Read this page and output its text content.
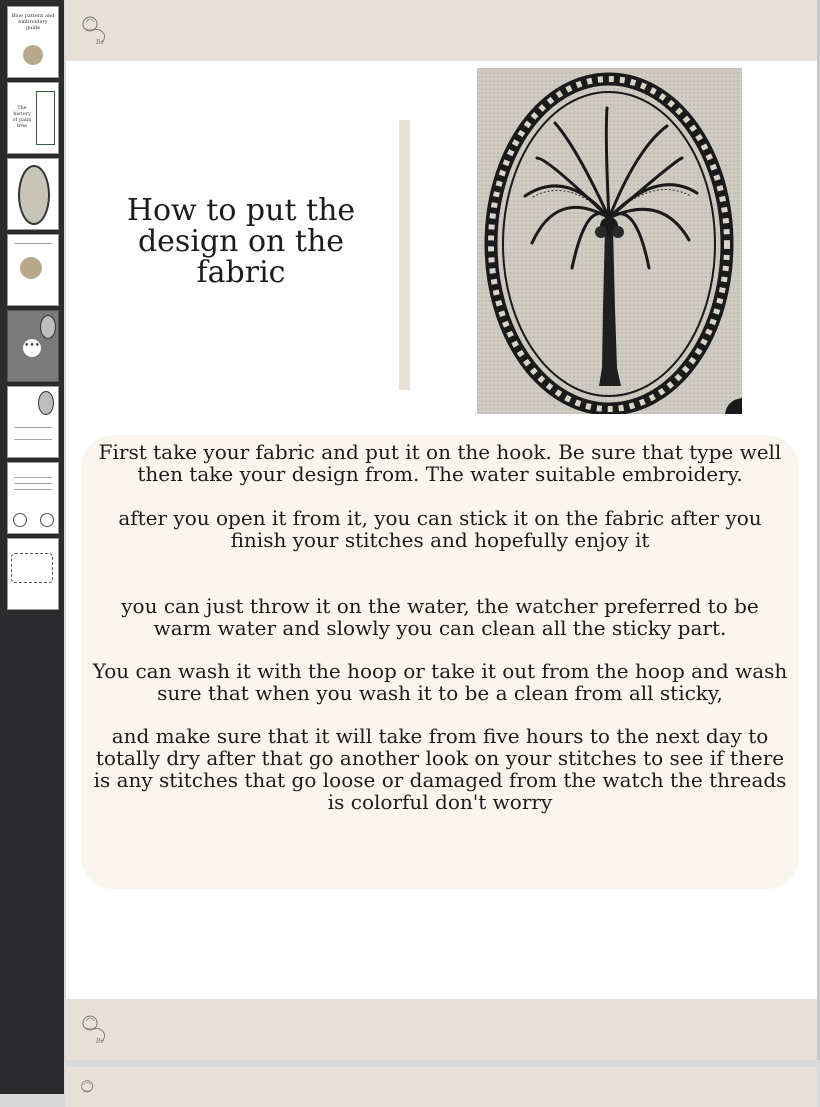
Blue pattern and embroidery guide
The history of palm tree
•••
Be
How to put the design on the fabric
First take your fabric and put it on the hook. Be sure that type well then take your design from. The water suitable embroidery.
after you open it from it, you can stick it on the fabric after you finish your stitches and hopefully enjoy it
you can just throw it on the water, the watcher preferred to be warm water and slowly you can clean all the sticky part.
You can wash it with the hoop or take it out from the hoop and wash sure that when you wash it to be a clean from all sticky,
and make sure that it will take from five hours to the next day to totally dry after that go another look on your stitches to see if there is any stitches that go loose or damaged from the watch the threads is colorful don't worry
Be
